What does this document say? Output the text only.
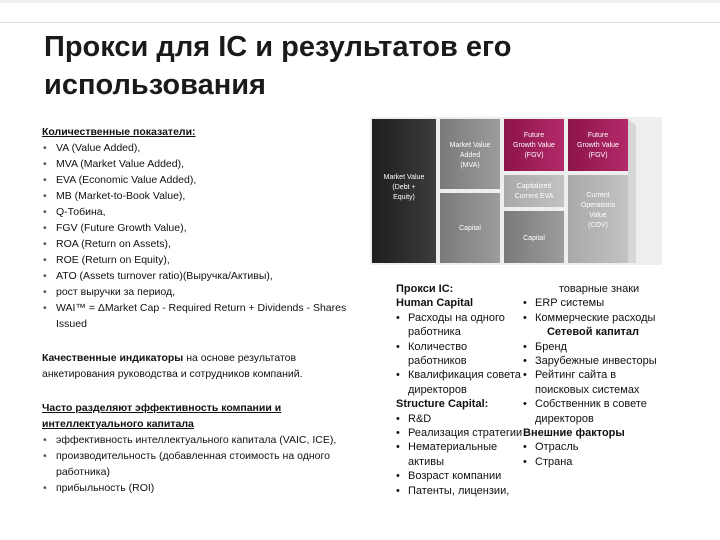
Прокси для IC и результатов его использования
Количественные показатели:
• VA (Value Added),
• MVA (Market Value Added),
• EVA (Economic Value Added),
• MB (Market-to-Book Value),
• Q-Тобина,
• FGV (Future Growth Value),
• ROA (Return on Assets),
• ROE (Return on Equity),
• ATO (Assets turnover ratio)(Выручка/Активы),
• рост выручки за период,
• WAI™ = ΔMarket Cap - Required Return + Dividends - Shares Issued
Качественные индикаторы на основе результатов анкетирования руководства и сотрудников компаний.
Часто разделяют эффективность компании и интеллектуального капитала
• эффективность интеллектуального капитала (VAIC, ICE),
• производительность (добавленная стоимость на одного работника)
• прибыльность (ROI)
Market Value
(Debt +
Equity)
Market Value
Added
(MVA)
Capital
Future
Growth Value
(FGV)
Capitalized
Current EVA
Capital
Future
Growth Value
(FGV)
Current
Operations
Value
(COV)
Прокси IC:
Human Capital
• Расходы на одного работника
• Количество работников
• Квалификация совета директоров
Structure Capital:
• R&D
• Реализация стратегии
• Нематериальные активы
• Возраст компании
• Патенты, лицензии,
товарные знаки
• ERP системы
• Коммерческие расходы
Сетевой капитал
• Бренд
• Зарубежные инвесторы
• Рейтинг сайта в поисковых системах
• Собственник в совете директоров
Внешние факторы
• Отрасль
• Страна
